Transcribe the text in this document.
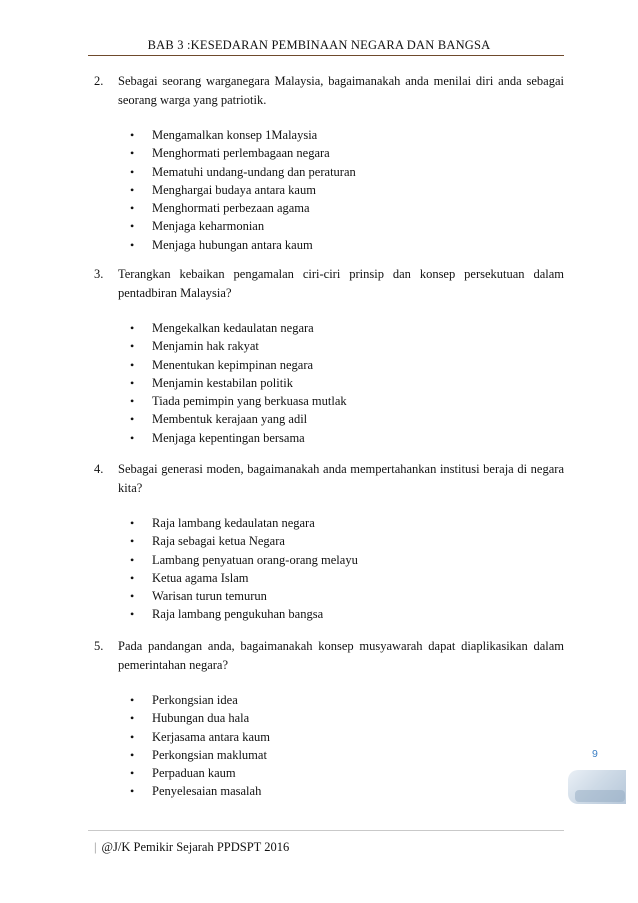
BAB 3 :KESEDARAN PEMBINAAN NEGARA DAN BANGSA
2. Sebagai seorang warganegara Malaysia, bagaimanakah anda menilai diri anda sebagai seorang warga yang patriotik.
• Mengamalkan konsep 1Malaysia
• Menghormati perlembagaan negara
• Mematuhi undang-undang dan peraturan
• Menghargai budaya antara kaum
• Menghormati perbezaan agama
• Menjaga keharmonian
• Menjaga hubungan antara kaum
3. Terangkan kebaikan pengamalan ciri-ciri prinsip dan konsep persekutuan dalam pentadbiran Malaysia?
• Mengekalkan kedaulatan negara
• Menjamin hak rakyat
• Menentukan kepimpinan negara
• Menjamin kestabilan politik
• Tiada pemimpin yang berkuasa mutlak
• Membentuk kerajaan yang adil
• Menjaga kepentingan bersama
4. Sebagai generasi moden, bagaimanakah anda mempertahankan institusi beraja di negara kita?
• Raja lambang kedaulatan negara
• Raja sebagai ketua Negara
• Lambang penyatuan orang-orang melayu
• Ketua agama Islam
• Warisan turun temurun
• Raja lambang pengukuhan bangsa
5. Pada pandangan anda, bagaimanakah konsep musyawarah dapat diaplikasikan dalam pemerintahan negara?
• Perkongsian idea
• Hubungan dua hala
• Kerjasama antara kaum
• Perkongsian maklumat
• Perpaduan kaum
• Penyelesaian masalah
9
| @J/K Pemikir Sejarah PPDSPT 2016
